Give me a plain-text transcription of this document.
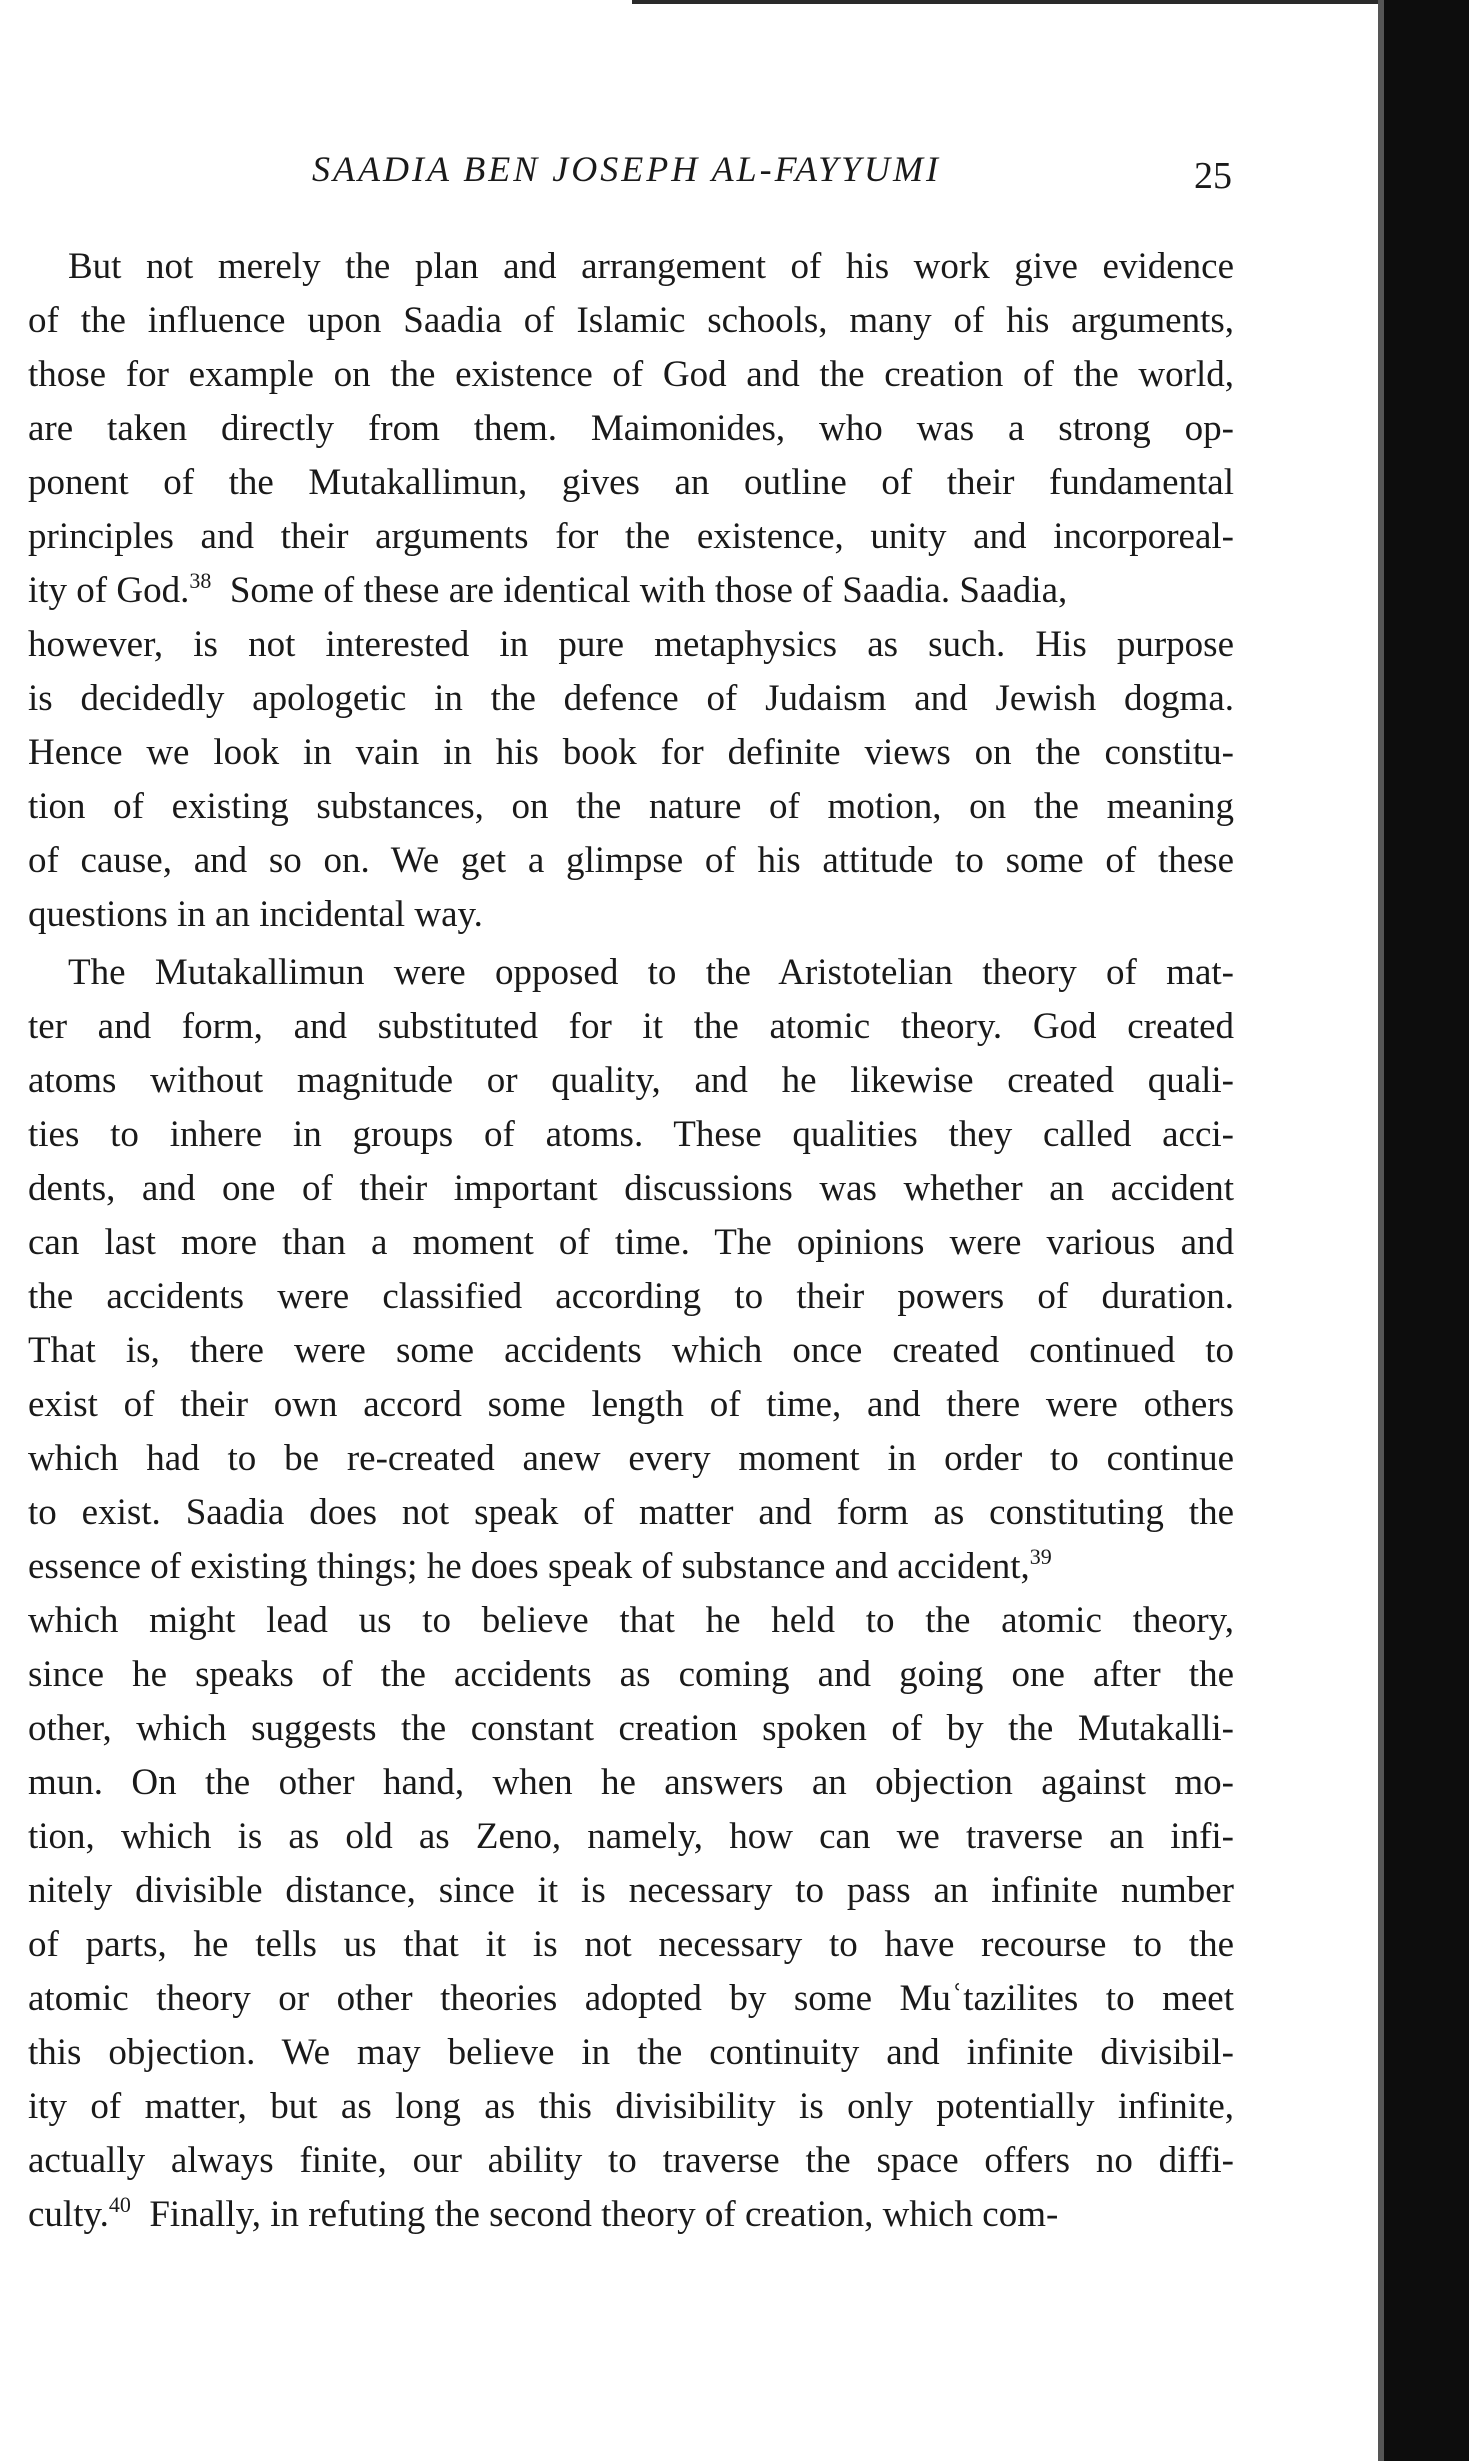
SAADIA BEN JOSEPH AL-FAYYUMI	25
But not merely the plan and arrangement of his work give evidence
of the influence upon Saadia of Islamic schools, many of his arguments,
those for example on the existence of God and the creation of the world,
are taken directly from them. Maimonides, who was a strong op-
ponent of the Mutakallimun, gives an outline of their fundamental
principles and their arguments for the existence, unity and incorporeal-
ity of God.$^{38}$ Some of these are identical with those of Saadia. Saadia,
however, is not interested in pure metaphysics as such. His purpose
is decidedly apologetic in the defence of Judaism and Jewish dogma.
Hence we look in vain in his book for definite views on the constitu-
tion of existing substances, on the nature of motion, on the meaning
of cause, and so on. We get a glimpse of his attitude to some of these
questions in an incidental way.
The Mutakallimun were opposed to the Aristotelian theory of mat-
ter and form, and substituted for it the atomic theory. God created
atoms without magnitude or quality, and he likewise created quali-
ties to inhere in groups of atoms. These qualities they called acci-
dents, and one of their important discussions was whether an accident
can last more than a moment of time. The opinions were various and
the accidents were classified according to their powers of duration.
That is, there were some accidents which once created continued to
exist of their own accord some length of time, and there were others
which had to be re-created anew every moment in order to continue
to exist. Saadia does not speak of matter and form as constituting the
essence of existing things; he does speak of substance and accident,$^{39}$
which might lead us to believe that he held to the atomic theory,
since he speaks of the accidents as coming and going one after the
other, which suggests the constant creation spoken of by the Mutakalli-
mun. On the other hand, when he answers an objection against mo-
tion, which is as old as Zeno, namely, how can we traverse an infi-
nitely divisible distance, since it is necessary to pass an infinite number
of parts, he tells us that it is not necessary to have recourse to the
atomic theory or other theories adopted by some Muʿtazilites to meet
this objection. We may believe in the continuity and infinite divisibil-
ity of matter, but as long as this divisibility is only potentially infinite,
actually always finite, our ability to traverse the space offers no diffi-
culty.$^{40}$ Finally, in refuting the second theory of creation, which com-
